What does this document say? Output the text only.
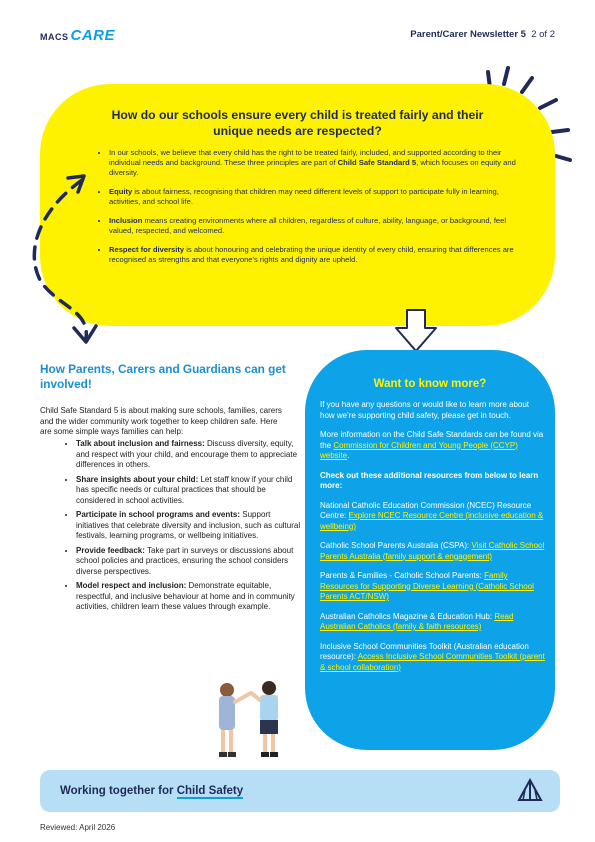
MACS CARE	Parent/Carer Newsletter 5 2 of 2
How do our schools ensure every child is treated fairly and their unique needs are respected?
• In our schools, we believe that every child has the right to be treated fairly, included, and supported according to their individual needs and background. These three principles are part of Child Safe Standard 5, which focuses on equity and diversity.
• Equity is about fairness, recognising that children may need different levels of support to participate fully in learning, activities, and school life.
• Inclusion means creating environments where all children, regardless of culture, ability, language, or background, feel valued, respected, and welcomed.
• Respect for diversity is about honouring and celebrating the unique identity of every child, ensuring that differences are recognised as strengths and that everyone's rights and dignity are upheld.
How Parents, Carers and Guardians can get involved!
Child Safe Standard 5 is about making sure schools, families, carers and the wider community work together to keep children safe. Here are some simple ways families can help:
• Talk about inclusion and fairness: Discuss diversity, equity, and respect with your child, and encourage them to appreciate differences in others.
• Share insights about your child: Let staff know if your child has specific needs or cultural practices that should be considered in school activities.
• Participate in school programs and events: Support initiatives that celebrate diversity and inclusion, such as cultural festivals, learning programs, or wellbeing initiatives.
• Provide feedback: Take part in surveys or discussions about school policies and practices, ensuring the school considers diverse perspectives.
• Model respect and inclusion: Demonstrate equitable, respectful, and inclusive behaviour at home and in community activities, children learn these values through example.
Want to know more?

If you have any questions or would like to learn more about how we're supporting child safety, please get in touch.

More information on the Child Safe Standards can be found via the Commission for Children and Young People (CCYP) website.

Check out these additional resources from below to learn more:

National Catholic Education Commission (NCEC) Resource Centre: Explore NCEC Resource Centre (inclusive education & wellbeing)

Catholic School Parents Australia (CSPA): Visit Catholic School Parents Australia (family support & engagement)

Parents & Families - Catholic School Parents: Family Resources for Supporting Diverse Learning (Catholic School Parents ACT/NSW)

Australian Catholics Magazine & Education Hub: Read Australian Catholics (family & faith resources)

Inclusive School Communities Toolkit (Australian education resource): Access Inclusive School Communities Toolkit (parent & school collaboration)

Working together for Child Safety
Reviewed: April 2026
